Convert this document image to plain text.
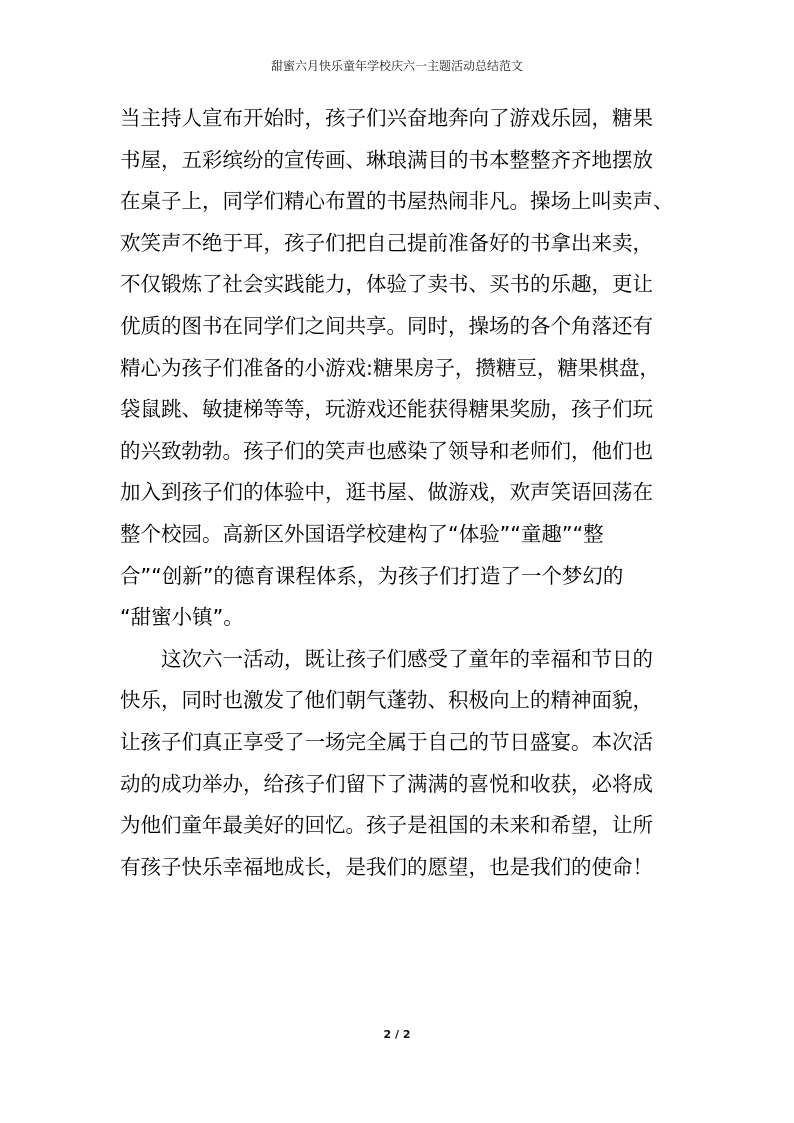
甜蜜六月快乐童年学校庆六一主题活动总结范文
当主持人宣布开始时，孩子们兴奋地奔向了游戏乐园，糖果
书屋，五彩缤纷的宣传画、琳琅满目的书本整整齐齐地摆放
在桌子上，同学们精心布置的书屋热闹非凡。操场上叫卖声、
欢笑声不绝于耳，孩子们把自己提前准备好的书拿出来卖，
不仅锻炼了社会实践能力，体验了卖书、买书的乐趣，更让
优质的图书在同学们之间共享。同时，操场的各个角落还有
精心为孩子们准备的小游戏:糖果房子，攒糖豆，糖果棋盘，
袋鼠跳、敏捷梯等等，玩游戏还能获得糖果奖励，孩子们玩
的兴致勃勃。孩子们的笑声也感染了领导和老师们，他们也
加入到孩子们的体验中，逛书屋、做游戏，欢声笑语回荡在
整个校园。高新区外国语学校建构了“体验”“童趣”“整
合”“创新”的德育课程体系，为孩子们打造了一个梦幻的
“甜蜜小镇”。
这次六一活动，既让孩子们感受了童年的幸福和节日的
快乐，同时也激发了他们朝气蓬勃、积极向上的精神面貌，
让孩子们真正享受了一场完全属于自己的节日盛宴。本次活
动的成功举办，给孩子们留下了满满的喜悦和收获，必将成
为他们童年最美好的回忆。孩子是祖国的未来和希望，让所
有孩子快乐幸福地成长，是我们的愿望，也是我们的使命！
2 / 2
